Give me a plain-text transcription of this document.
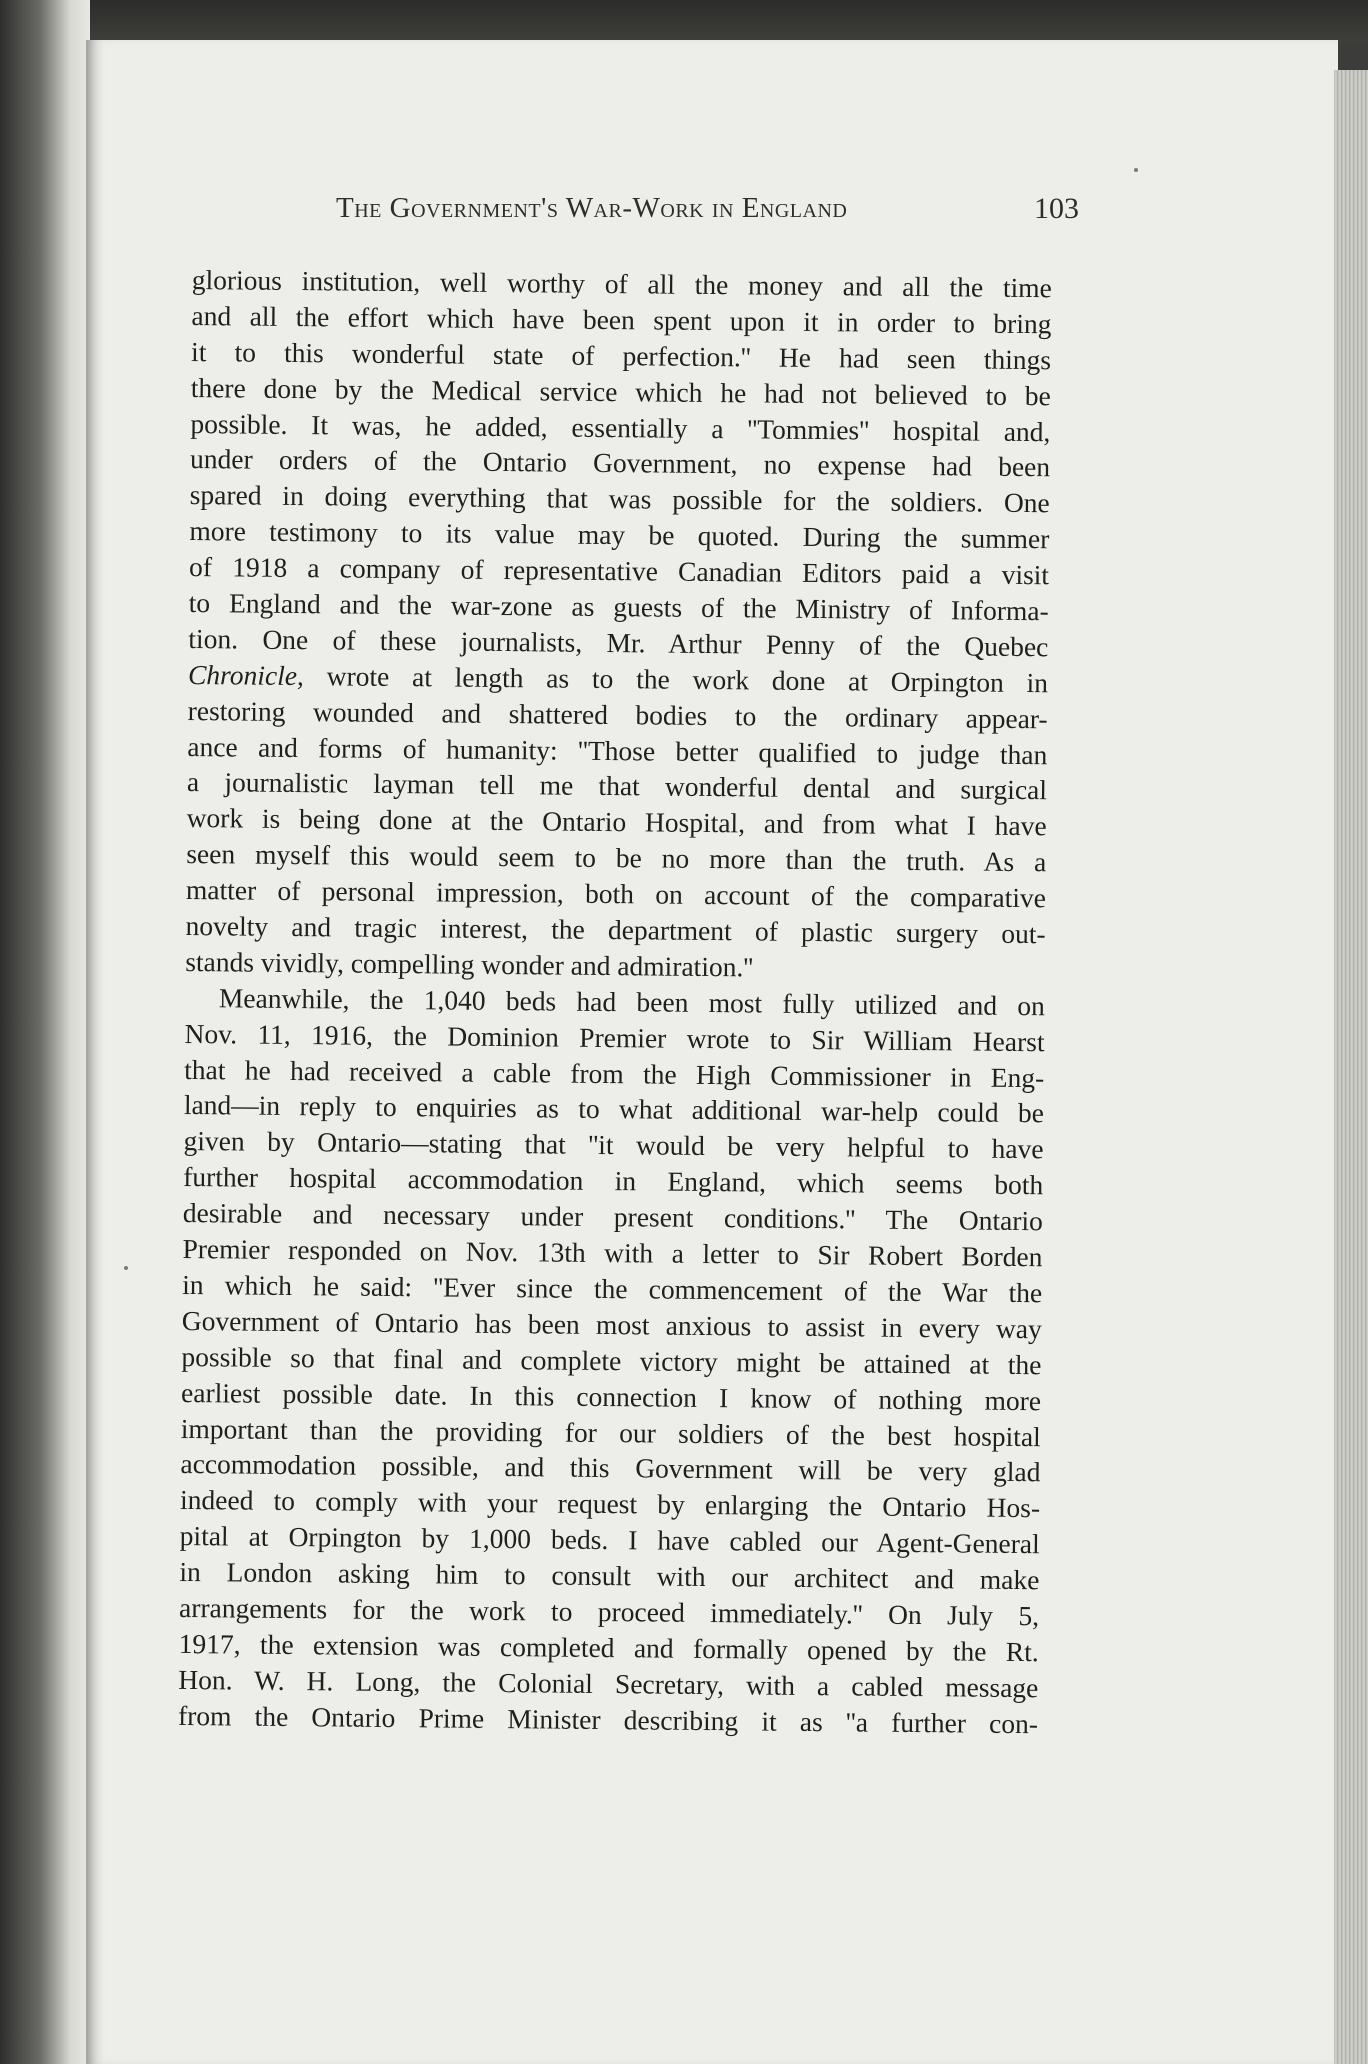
The Government's War-Work in England	103
glorious institution, well worthy of all the money and all the time
and all the effort which have been spent upon it in order to bring
it to this wonderful state of perfection.'' He had seen things
there done by the Medical service which he had not believed to be
possible. It was, he added, essentially a ''Tommies'' hospital and,
under orders of the Ontario Government, no expense had been
spared in doing everything that was possible for the soldiers. One
more testimony to its value may be quoted. During the summer
of 1918 a company of representative Canadian Editors paid a visit
to England and the war-zone as guests of the Ministry of Informa-
tion. One of these journalists, Mr. Arthur Penny of the Quebec
Chronicle, wrote at length as to the work done at Orpington in
restoring wounded and shattered bodies to the ordinary appear-
ance and forms of humanity: ''Those better qualified to judge than
a journalistic layman tell me that wonderful dental and surgical
work is being done at the Ontario Hospital, and from what I have
seen myself this would seem to be no more than the truth. As a
matter of personal impression, both on account of the comparative
novelty and tragic interest, the department of plastic surgery out-
stands vividly, compelling wonder and admiration.''
Meanwhile, the 1,040 beds had been most fully utilized and on
Nov. 11, 1916, the Dominion Premier wrote to Sir William Hearst
that he had received a cable from the High Commissioner in Eng-
land—in reply to enquiries as to what additional war-help could be
given by Ontario—stating that ''it would be very helpful to have
further hospital accommodation in England, which seems both
desirable and necessary under present conditions.'' The Ontario
Premier responded on Nov. 13th with a letter to Sir Robert Borden
in which he said: ''Ever since the commencement of the War the
Government of Ontario has been most anxious to assist in every way
possible so that final and complete victory might be attained at the
earliest possible date. In this connection I know of nothing more
important than the providing for our soldiers of the best hospital
accommodation possible, and this Government will be very glad
indeed to comply with your request by enlarging the Ontario Hos-
pital at Orpington by 1,000 beds. I have cabled our Agent-General
in London asking him to consult with our architect and make
arrangements for the work to proceed immediately.'' On July 5,
1917, the extension was completed and formally opened by the Rt.
Hon. W. H. Long, the Colonial Secretary, with a cabled message
from the Ontario Prime Minister describing it as ''a further con-
